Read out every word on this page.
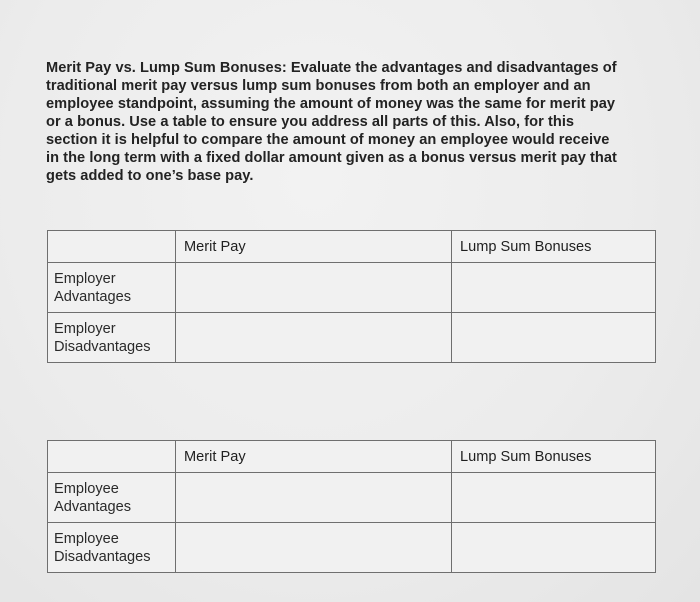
Merit Pay vs. Lump Sum Bonuses: Evaluate the advantages and disadvantages of
traditional merit pay versus lump sum bonuses from both an employer and an
employee standpoint, assuming the amount of money was the same for merit pay
or a bonus. Use a table to ensure you address all parts of this. Also, for this
section it is helpful to compare the amount of money an employee would receive
in the long term with a fixed dollar amount given as a bonus versus merit pay that
gets added to one’s base pay.

	Merit Pay	Lump Sum Bonuses

Employer
Advantages		

Employer
Disadvantages		

	Merit Pay	Lump Sum Bonuses

Employee
Advantages		

Employee
Disadvantages		
